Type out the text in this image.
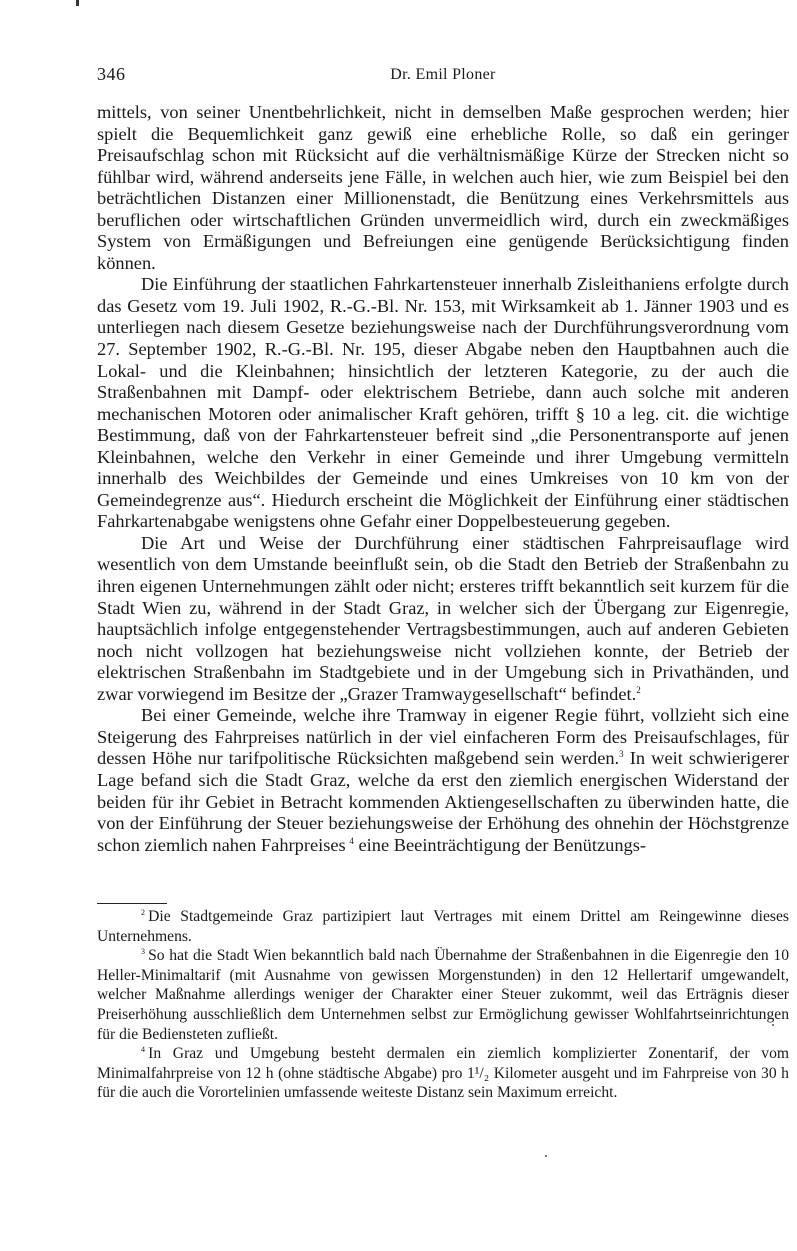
346	Dr. Emil Ploner

mittels, von seiner Unentbehrlichkeit, nicht in demselben Maße gesprochen werden; hier spielt die Bequemlichkeit ganz gewiß eine erhebliche Rolle, so daß ein geringer Preisaufschlag schon mit Rücksicht auf die verhältnismäßige Kürze der Strecken nicht so fühlbar wird, während anderseits jene Fälle, in welchen auch hier, wie zum Beispiel bei den beträchtlichen Distanzen einer Millionenstadt, die Benützung eines Verkehrsmittels aus beruflichen oder wirtschaftlichen Gründen unvermeidlich wird, durch ein zweckmäßiges System von Ermäßigungen und Befreiungen eine genügende Berücksichtigung finden können.

Die Einführung der staatlichen Fahrkartensteuer innerhalb Zisleithaniens erfolgte durch das Gesetz vom 19. Juli 1902, R.-G.-Bl. Nr. 153, mit Wirksamkeit ab 1. Jänner 1903 und es unterliegen nach diesem Gesetze beziehungsweise nach der Durchführungsverordnung vom 27. September 1902, R.-G.-Bl. Nr. 195, dieser Abgabe neben den Hauptbahnen auch die Lokal- und die Kleinbahnen; hinsichtlich der letzteren Kategorie, zu der auch die Straßenbahnen mit Dampf- oder elektrischem Betriebe, dann auch solche mit anderen mechanischen Motoren oder animalischer Kraft gehören, trifft § 10 a leg. cit. die wichtige Bestimmung, daß von der Fahrkartensteuer befreit sind „die Personentransporte auf jenen Kleinbahnen, welche den Verkehr in einer Gemeinde und ihrer Umgebung vermitteln innerhalb des Weichbildes der Gemeinde und eines Umkreises von 10 km von der Gemeindegrenze aus“. Hiedurch erscheint die Möglichkeit der Einführung einer städtischen Fahrkartenabgabe wenigstens ohne Gefahr einer Doppelbesteuerung gegeben.

Die Art und Weise der Durchführung einer städtischen Fahrpreisauflage wird wesentlich von dem Umstande beeinflußt sein, ob die Stadt den Betrieb der Straßenbahn zu ihren eigenen Unternehmungen zählt oder nicht; ersteres trifft bekanntlich seit kurzem für die Stadt Wien zu, während in der Stadt Graz, in welcher sich der Übergang zur Eigenregie, hauptsächlich infolge entgegenstehender Vertragsbestimmungen, auch auf anderen Gebieten noch nicht vollzogen hat beziehungsweise nicht vollziehen konnte, der Betrieb der elektrischen Straßenbahn im Stadtgebiete und in der Umgebung sich in Privathänden, und zwar vorwiegend im Besitze der „Grazer Tramwaygesellschaft“ befindet.$^2$

Bei einer Gemeinde, welche ihre Tramway in eigener Regie führt, vollzieht sich eine Steigerung des Fahrpreises natürlich in der viel einfacheren Form des Preisaufschlages, für dessen Höhe nur tarifpolitische Rücksichten maßgebend sein werden.$^3$ In weit schwierigerer Lage befand sich die Stadt Graz, welche da erst den ziemlich energischen Widerstand der beiden für ihr Gebiet in Betracht kommenden Aktiengesellschaften zu überwinden hatte, die von der Einführung der Steuer beziehungsweise der Erhöhung des ohnehin der Höchstgrenze schon ziemlich nahen Fahrpreises  $^4$ eine Beeinträchtigung der Benützungs-

$^2$  Die Stadtgemeinde Graz partizipiert laut Vertrages mit einem Drittel am Reingewinne dieses Unternehmens.

$^3$  So hat die Stadt Wien bekanntlich bald nach Übernahme der Straßenbahnen in die Eigenregie den 10 Heller-Minimaltarif (mit Ausnahme von gewissen Morgenstunden) in den 12 Hellertarif umgewandelt, welcher Maßnahme allerdings weniger der Charakter einer Steuer zukommt, weil das Erträgnis dieser Preiserhöhung ausschließlich dem Unternehmen selbst zur Ermöglichung gewisser Wohlfahrtseinrichtungen für die Bediensteten zufließt.

$^4$  In Graz und Umgebung besteht dermalen ein ziemlich komplizierter Zonentarif, der vom Minimalfahrpreise von 12 h (ohne städtische Abgabe) pro 1¹/₂ Kilometer ausgeht und im Fahrpreise von 30 h für die auch die Vorortelinien umfassende weiteste Distanz sein Maximum erreicht.
